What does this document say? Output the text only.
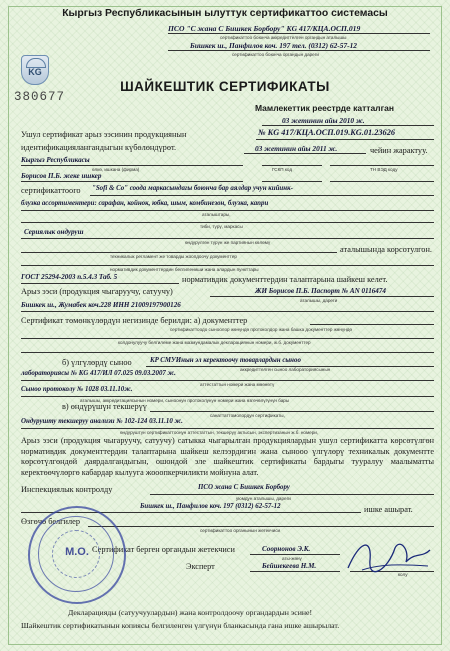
Кыргыз Республикасынын ылуттук сертификаттоо системасы
ПСО "С жана С Бишкек Борбору" KG 417/КЦА.ОСП.019
сертификаттоо боюнча аккредиттелген органдын аталышы
Бишкек ш., Панфилов коч. 197 тел. (0312) 62-57-12
сертификаттоо боюнча органдын дареги
KG
380677
ШАЙКЕШТИК СЕРТИФИКАТЫ
Мамлекеттик реестрде катталган
03 жетинин айы 2010 ж.
Ушул сертификат арыз ээсинин продукциянын	№ KG 417/КЦА.ОСП.019.KG.01.23626
идентификациялангандыгын күбөлөндүрөт.	03 жетинин айы 2011 ж.	чейин жарактуу.
Кыргыз Республикасы
өлкө, ишкана (фирма)	ГСКП код	ТН ВЭД коду
Борисов П.Б. жеке ишкер
сертификаттоого "Sofi & Co" соода маркасындагы боюнча бар аялдар учун кийинк-
блузка ассортиментери: сарафан, койнок, юбка, шым, комбинезон, блузка, капри
аталыштары,
тиби, түрү, маркасы
Сериялык ондуруш
өндүрүлгөн түрүн же партиянын көлөмү
аталышында корсотулгон.
техникалык регламент же товарды жоопдоочу документтер
нормативдик документтердин белгилениши жана алардын пункттары
ГОСТ 25294-2003 п.5.4.3 Таб. 5	нормативдик документтердин талаптарына шайкеш келет.
Арыз ээси (продукция чыгаруучу, сатуучу)	ЖИ Борисов П.Б. Паспорт № AN 0116474
аталышы, дареги
Бишкек ш., Жумабек коч.228 ИНН 21009197900126
Сертификат төмөнкүлөрдүн негизинде берилди: а) документтер
сертификаттоодо сыноолор жөнүндө протоколдор жана башка документтер жөнүндө
колдонулуучу белгилеме жана мазмундамалык декларациянын номери, ж.б. документтер
б) үлгүлөрдү сыноо	KP СМУИнын эл керектоочу товарлардын сыноо
аккредиттелген сыноо лабораториясынын
лабораториясы № KG 417/ИЛ 07.025 09.03.2007 ж.
аттестаттын номери жана мөөнөтү
Сыноо протоколу № 1028 03.11.10ж.
аталышы, аккредитациясынын номери, сыноонун протоколунун номери жана өзгөчөлүгүнүн бары
в) өндүрүшүн текшерүү
санаттаттомолордун сертификаты,
Ондурушту текшеруу анализи № 102-124 03.11.10 ж.
өндүрүштүн сертификаттоонун аттестаттын, текшерүү актысын, экспертизанын ж.б. номери,
Арыз ээси (продукция чыгаруучу, сатуучу) сатыкка чыгарылган продукциялардын ушул сертификатта көрсөтүлгөн нормативдик документтердин талаптарына шайкеш келээрдигин жана сынооо үлгүлөрү техникалык документте көрсөтүлгөндөй даярдалгандыгын, ошондой эле шайкештик сертификаты бардыгы тууралуу маалыматты керектөөчүлөргө кабардар кылууга жооопкерчиликти мойнуна алат.
Инспекциялык контролду	ПСО жана С Бишкек Борбору
уюмдун аталышы, дареги
Бишкек ш., Панфилов коч. 197 (0312) 62-57-12	ишке ашырат.
Өзгөчө белгилер
сертификаттоо органынын жетекчиси
Сертификат берген органдын жетекчиси	Соорнонов Э.К.
аты-жөнү
колу
Эксперт	Бейшекеева Н.М.
М.О.
Декларацияды (сатуучуулардын) жана контролдоочу органдардын эсине!
Шайкештик сертификатынын копиясы белгиленген үлгүнүн бланкасында гана ишке ашырылат.
